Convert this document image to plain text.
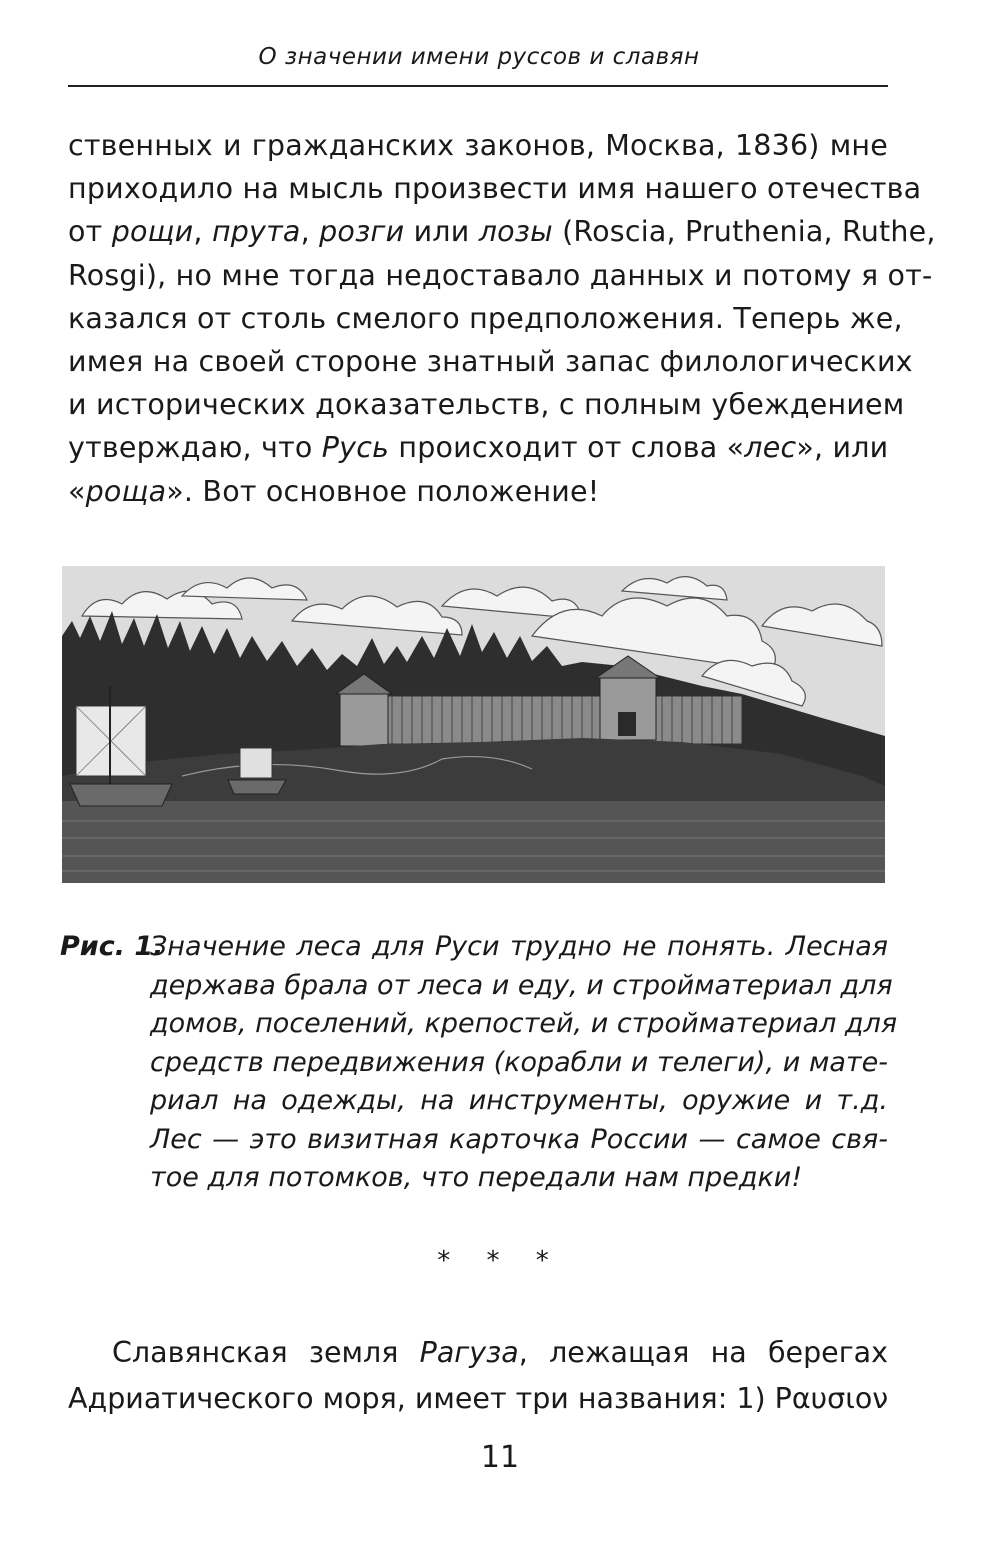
О значении имени руссов и славян
ственных и гражданских законов, Москва, 1836) мне
приходило на мысль произвести имя нашего отечества
от рощи, прута, розги или лозы (Roscia, Pruthenia, Ruthe,
Rosgi), но мне тогда недоставало данных и потому я от-
казался от столь смелого предположения. Теперь же,
имея на своей стороне знатный запас филологических
и исторических доказательств, с полным убеждением
утверждаю, что Русь происходит от слова «лес», или
«роща». Вот основное положение!
Рис. 1.
Значение леса для Руси трудно не понять. Лесная
держава брала от леса и еду, и стройматериал для
домов, поселений, крепостей, и стройматериал для
средств передвижения (корабли и телеги), и мате-
риал на одежды, на инструменты, оружие и т.д.
Лес — это визитная карточка России — самое свя-
тое для потомков, что передали нам предки!
* * *
Славянская земля Рагуза, лежащая на берегах
Адриатического моря, имеет три названия: 1) Ραυσιον
11
